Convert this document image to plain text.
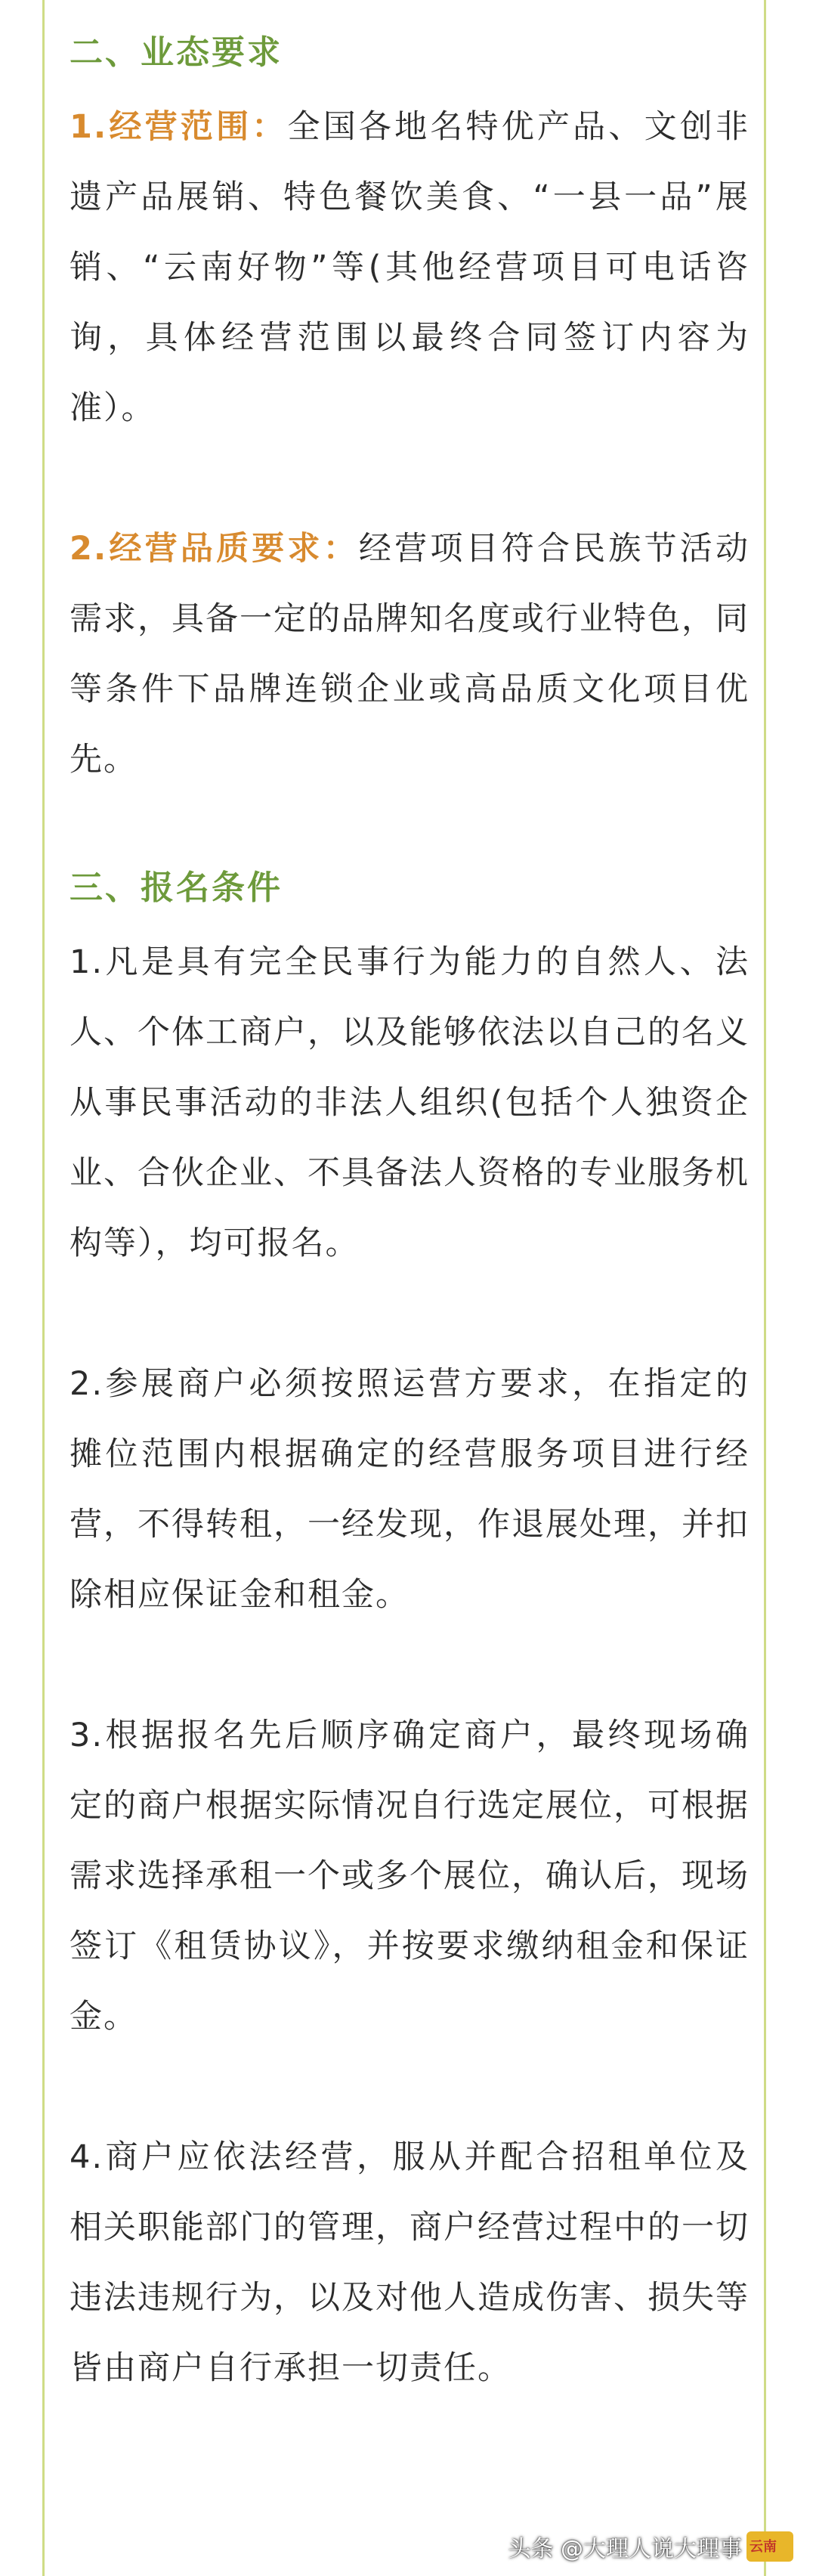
二、业态要求

1.经营范围：全国各地名特优产品、文创非遗产品展销、特色餐饮美食、“一县一品”展销、“云南好物”等(其他经营项目可电话咨询，具体经营范围以最终合同签订内容为准）。

2.经营品质要求：经营项目符合民族节活动需求，具备一定的品牌知名度或行业特色，同等条件下品牌连锁企业或高品质文化项目优先。

三、报名条件

1.凡是具有完全民事行为能力的自然人、法人、个体工商户，以及能够依法以自己的名义从事民事活动的非法人组织(包括个人独资企业、合伙企业、不具备法人资格的专业服务机构等），均可报名。

2.参展商户必须按照运营方要求，在指定的摊位范围内根据确定的经营服务项目进行经营，不得转租，一经发现，作退展处理，并扣除相应保证金和租金。

3.根据报名先后顺序确定商户，最终现场确定的商户根据实际情况自行选定展位，可根据需求选择承租一个或多个展位，确认后，现场签订《租赁协议》，并按要求缴纳租金和保证金。

4.商户应依法经营，服从并配合招租单位及相关职能部门的管理，商户经营过程中的一切违法违规行为，以及对他人造成伤害、损失等皆由商户自行承担一切责任。

头条 @大理人说大理事 云南
